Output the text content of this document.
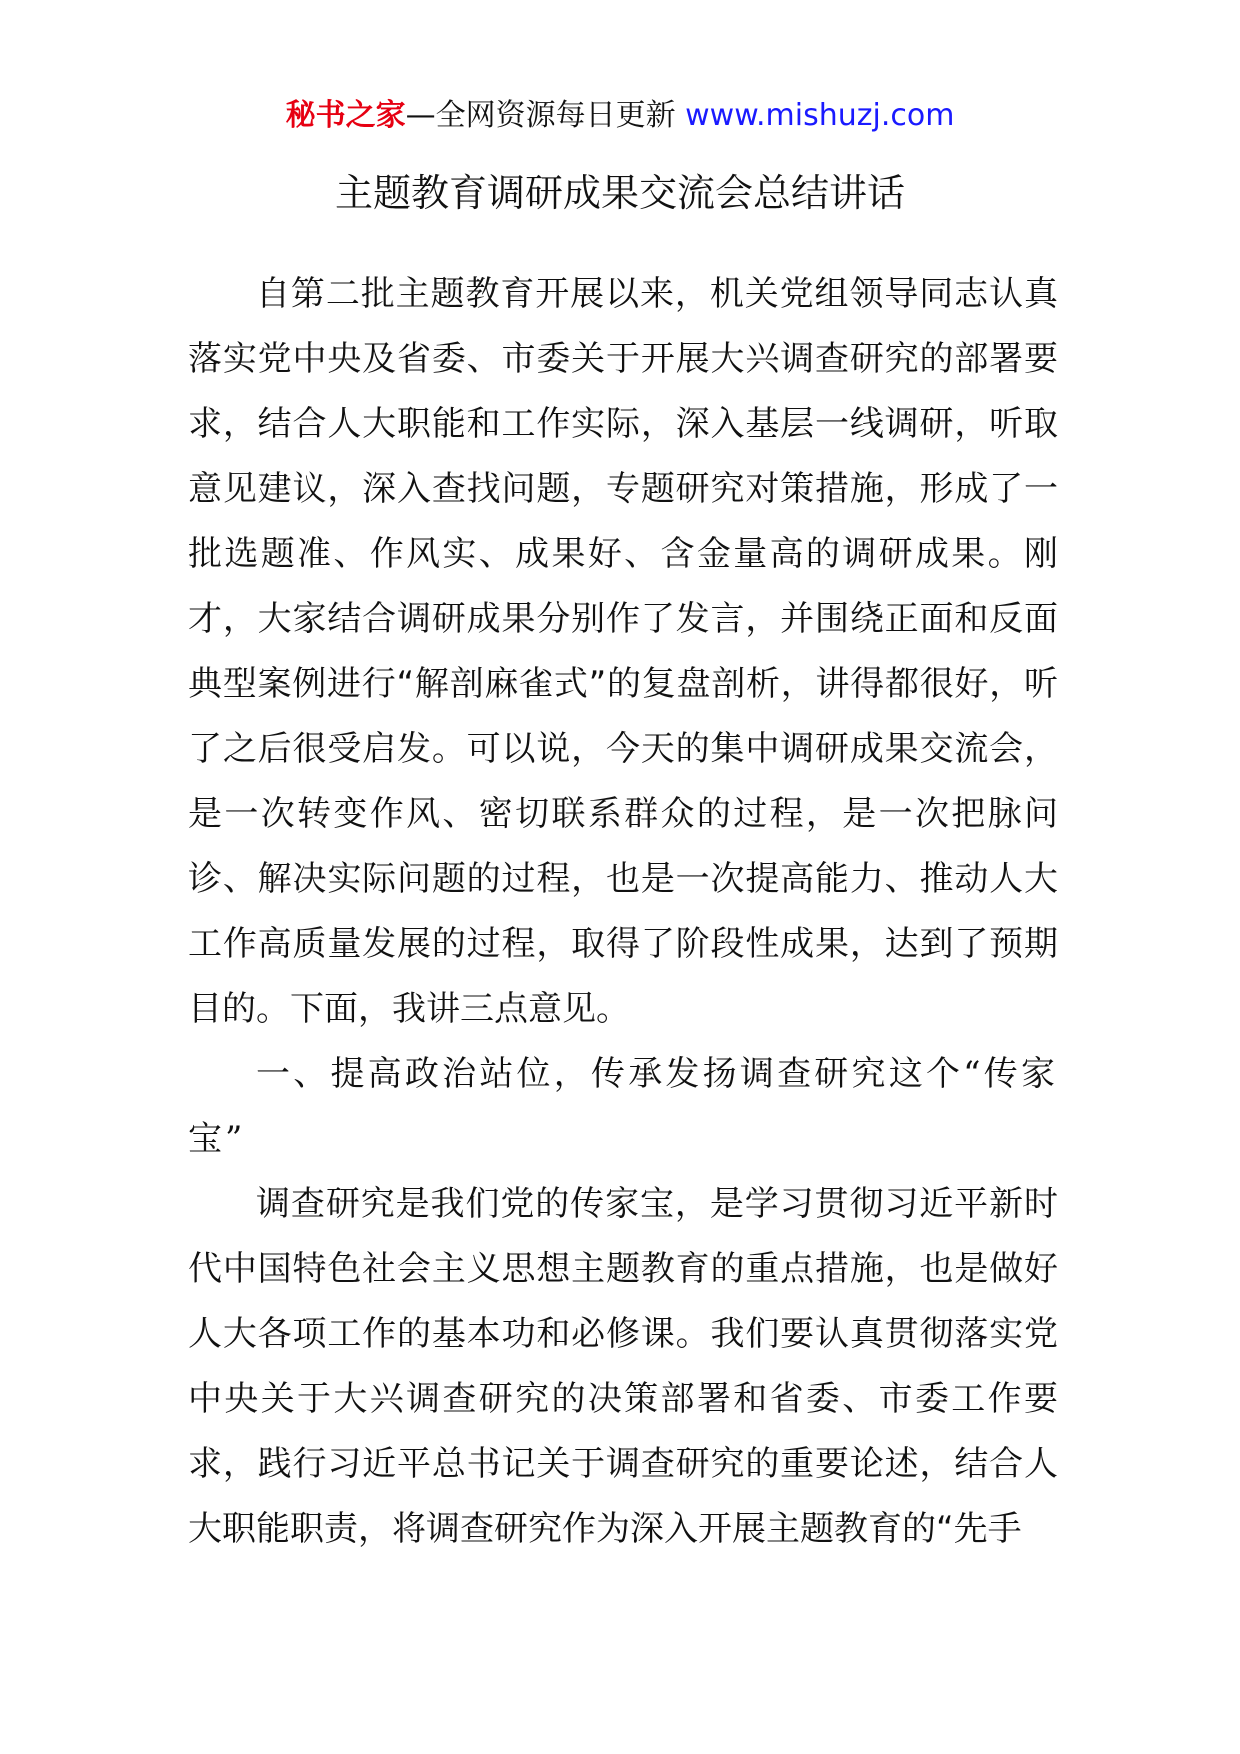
秘书之家—全网资源每日更新 www.mishuzj.com
主题教育调研成果交流会总结讲话

自第二批主题教育开展以来，机关党组领导同志认真落实党中央及省委、市委关于开展大兴调查研究的部署要求，结合人大职能和工作实际，深入基层一线调研，听取意见建议，深入查找问题，专题研究对策措施，形成了一批选题准、作风实、成果好、含金量高的调研成果。刚才，大家结合调研成果分别作了发言，并围绕正面和反面典型案例进行“解剖麻雀式”的复盘剖析，讲得都很好，听了之后很受启发。可以说，今天的集中调研成果交流会，是一次转变作风、密切联系群众的过程，是一次把脉问诊、解决实际问题的过程，也是一次提高能力、推动人大工作高质量发展的过程，取得了阶段性成果，达到了预期目的。下面，我讲三点意见。

一、提高政治站位，传承发扬调查研究这个“传家宝”

调查研究是我们党的传家宝，是学习贯彻习近平新时代中国特色社会主义思想主题教育的重点措施，也是做好人大各项工作的基本功和必修课。我们要认真贯彻落实党中央关于大兴调查研究的决策部署和省委、市委工作要求，践行习近平总书记关于调查研究的重要论述，结合人大职能职责，将调查研究作为深入开展主题教育的“先手
